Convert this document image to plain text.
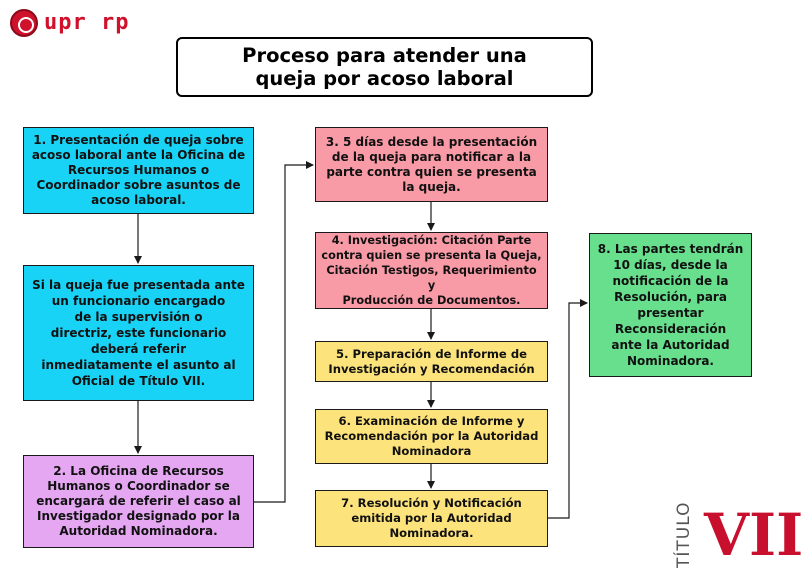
upr rp
Proceso para atender una
queja por acoso laboral
1. Presentación de queja sobre
acoso laboral ante la Oficina de
Recursos Humanos o
Coordinador sobre asuntos de
acoso laboral.
Si la queja fue presentada ante
un funcionario encargado
de la supervisión o
directriz, este funcionario
deberá referir
inmediatamente el asunto al
Oficial de Título VII.
2. La Oficina de Recursos
Humanos o Coordinador se
encargará de referir el caso al
Investigador designado por la
Autoridad Nominadora.
3. 5 días desde la presentación
de la queja para notificar a la
parte contra quien se presenta
la queja.
4. Investigación: Citación Parte
contra quien se presenta la Queja,
Citación Testigos, Requerimiento y
Producción de Documentos.
5. Preparación de Informe de
Investigación y Recomendación
6. Examinación de Informe y
Recomendación por la Autoridad
Nominadora
7. Resolución y Notificación
emitida por la Autoridad
Nominadora.
8. Las partes tendrán
10 días, desde la
notificación de la
Resolución, para
presentar
Reconsideración
ante la Autoridad
Nominadora.
TÍTULO VII
